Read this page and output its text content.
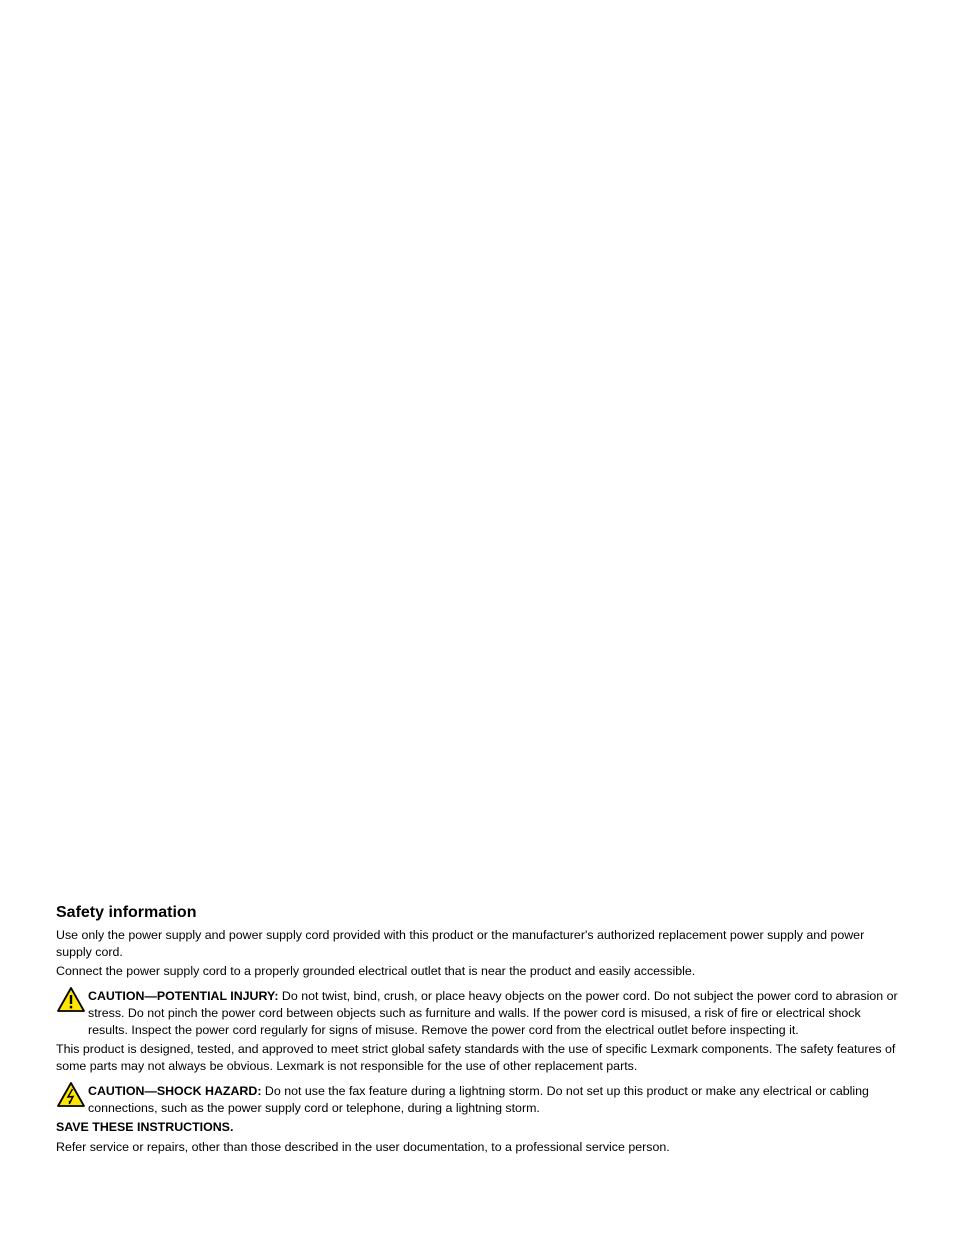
Safety information

Use only the power supply and power supply cord provided with this product or the manufacturer's authorized replacement power supply and power supply cord.

Connect the power supply cord to a properly grounded electrical outlet that is near the product and easily accessible.

CAUTION—POTENTIAL INJURY: Do not twist, bind, crush, or place heavy objects on the power cord. Do not subject the power cord to abrasion or stress. Do not pinch the power cord between objects such as furniture and walls. If the power cord is misused, a risk of fire or electrical shock results. Inspect the power cord regularly for signs of misuse. Remove the power cord from the electrical outlet before inspecting it.

This product is designed, tested, and approved to meet strict global safety standards with the use of specific Lexmark components. The safety features of some parts may not always be obvious. Lexmark is not responsible for the use of other replacement parts.

CAUTION—SHOCK HAZARD: Do not use the fax feature during a lightning storm. Do not set up this product or make any electrical or cabling connections, such as the power supply cord or telephone, during a lightning storm.
SAVE THESE INSTRUCTIONS.

Refer service or repairs, other than those described in the user documentation, to a professional service person.
